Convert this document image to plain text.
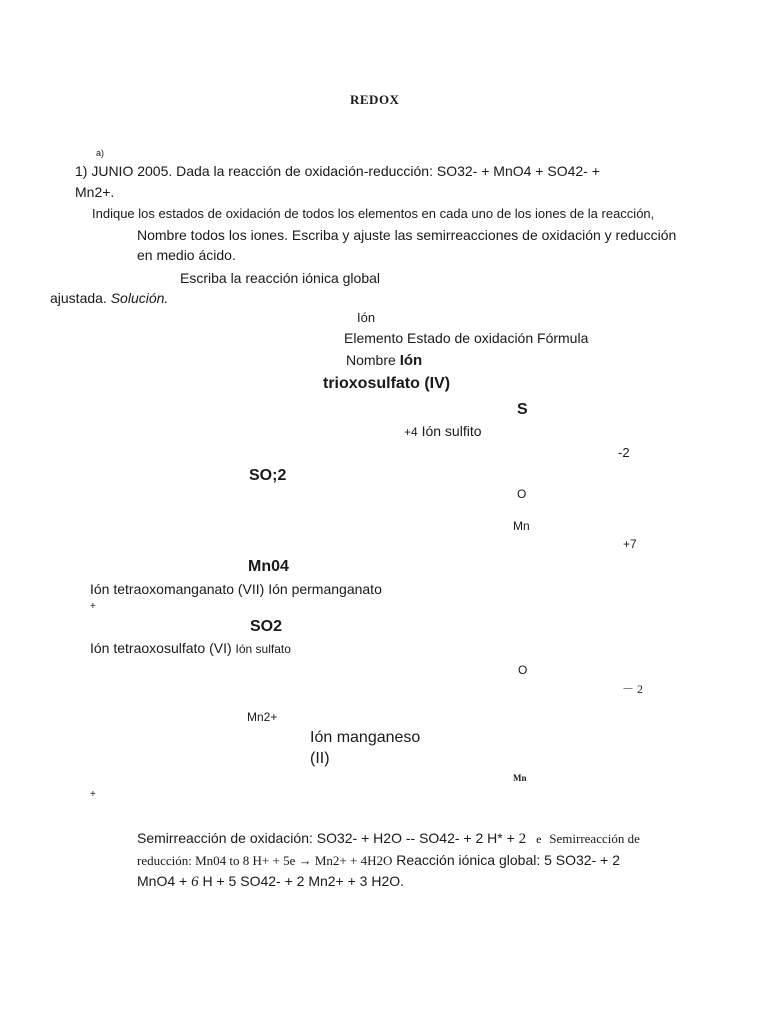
REDOX
a)
1) JUNIO 2005. Dada la reacción de oxidación-reducción: SO32- + MnO4 + SO42- +
Mn2+.
Indique los estados de oxidación de todos los elementos en cada uno de los iones de la reacción,
Nombre todos los iones. Escriba y ajuste las semirreacciones de oxidación y reducción
en medio ácido.
Escriba la reacción iónica global
ajustada. Solución.
Ión
Elemento Estado de oxidación Fórmula
Nombre Ión
trioxosulfato (IV)
S
+4 Ión sulfito
-2
SO;2
O
Mn
+7
Mn04
Ión tetraoxomanganato (VII) Ión permanganato
+
SO2
Ión tetraoxosulfato (VI) Ión sulfato
O
－ 2
Mn2+
Ión manganeso
(II)
Mn
+
Semirreacción de oxidación: SO32- + H2O -- SO42- + 2 H* + 2 e Semirreacción de
reducción: Mn04 to 8 H+ + 5e → Mn2+ + 4H2O Reacción iónica global: 5 SO32- + 2
MnO4 + 6 H + 5 SO42- + 2 Mn2+ + 3 H2O.
